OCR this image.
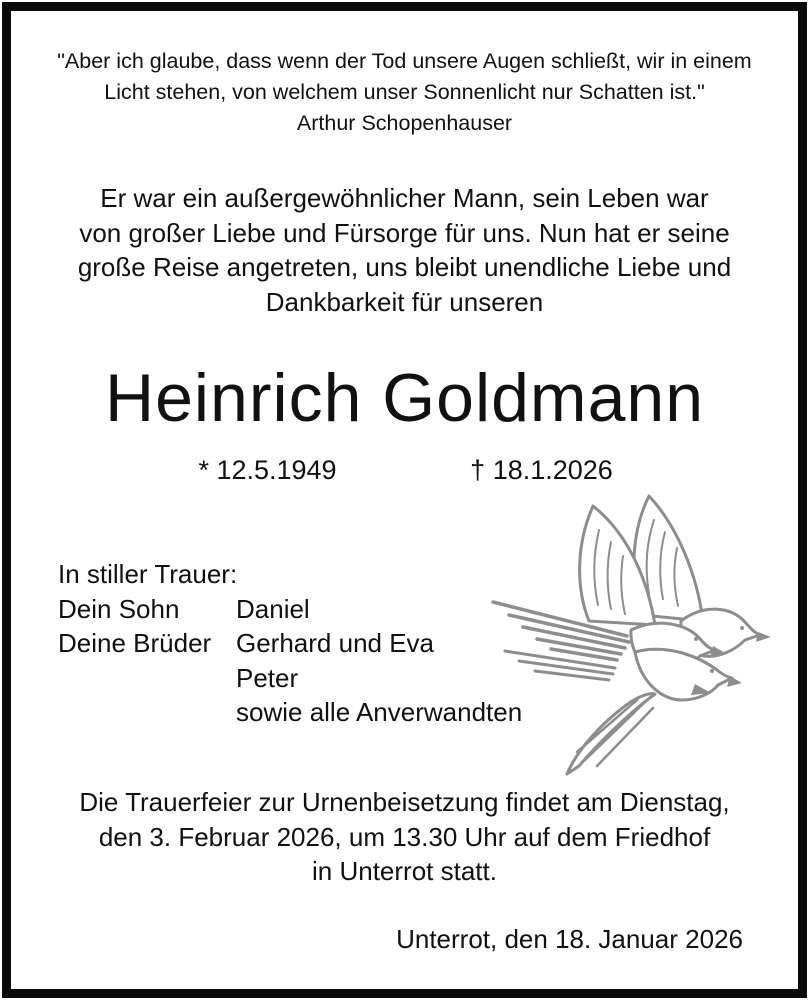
"Aber ich glaube, dass wenn der Tod unsere Augen schließt, wir in einem
Licht stehen, von welchem unser Sonnenlicht nur Schatten ist."
Arthur Schopenhauser
Er war ein außergewöhnlicher Mann, sein Leben war
von großer Liebe und Fürsorge für uns. Nun hat er seine
große Reise angetreten, uns bleibt unendliche Liebe und
Dankbarkeit für unseren
Heinrich Goldmann
* 12.5.1949	† 18.1.2026
In stiller Trauer:
Dein Sohn	Daniel
Deine Brüder Gerhard und Eva
Peter
sowie alle Anverwandten
Die Trauerfeier zur Urnenbeisetzung findet am Dienstag,
den 3. Februar 2026, um 13.30 Uhr auf dem Friedhof
in Unterrot statt.
Unterrot, den 18. Januar 2026
